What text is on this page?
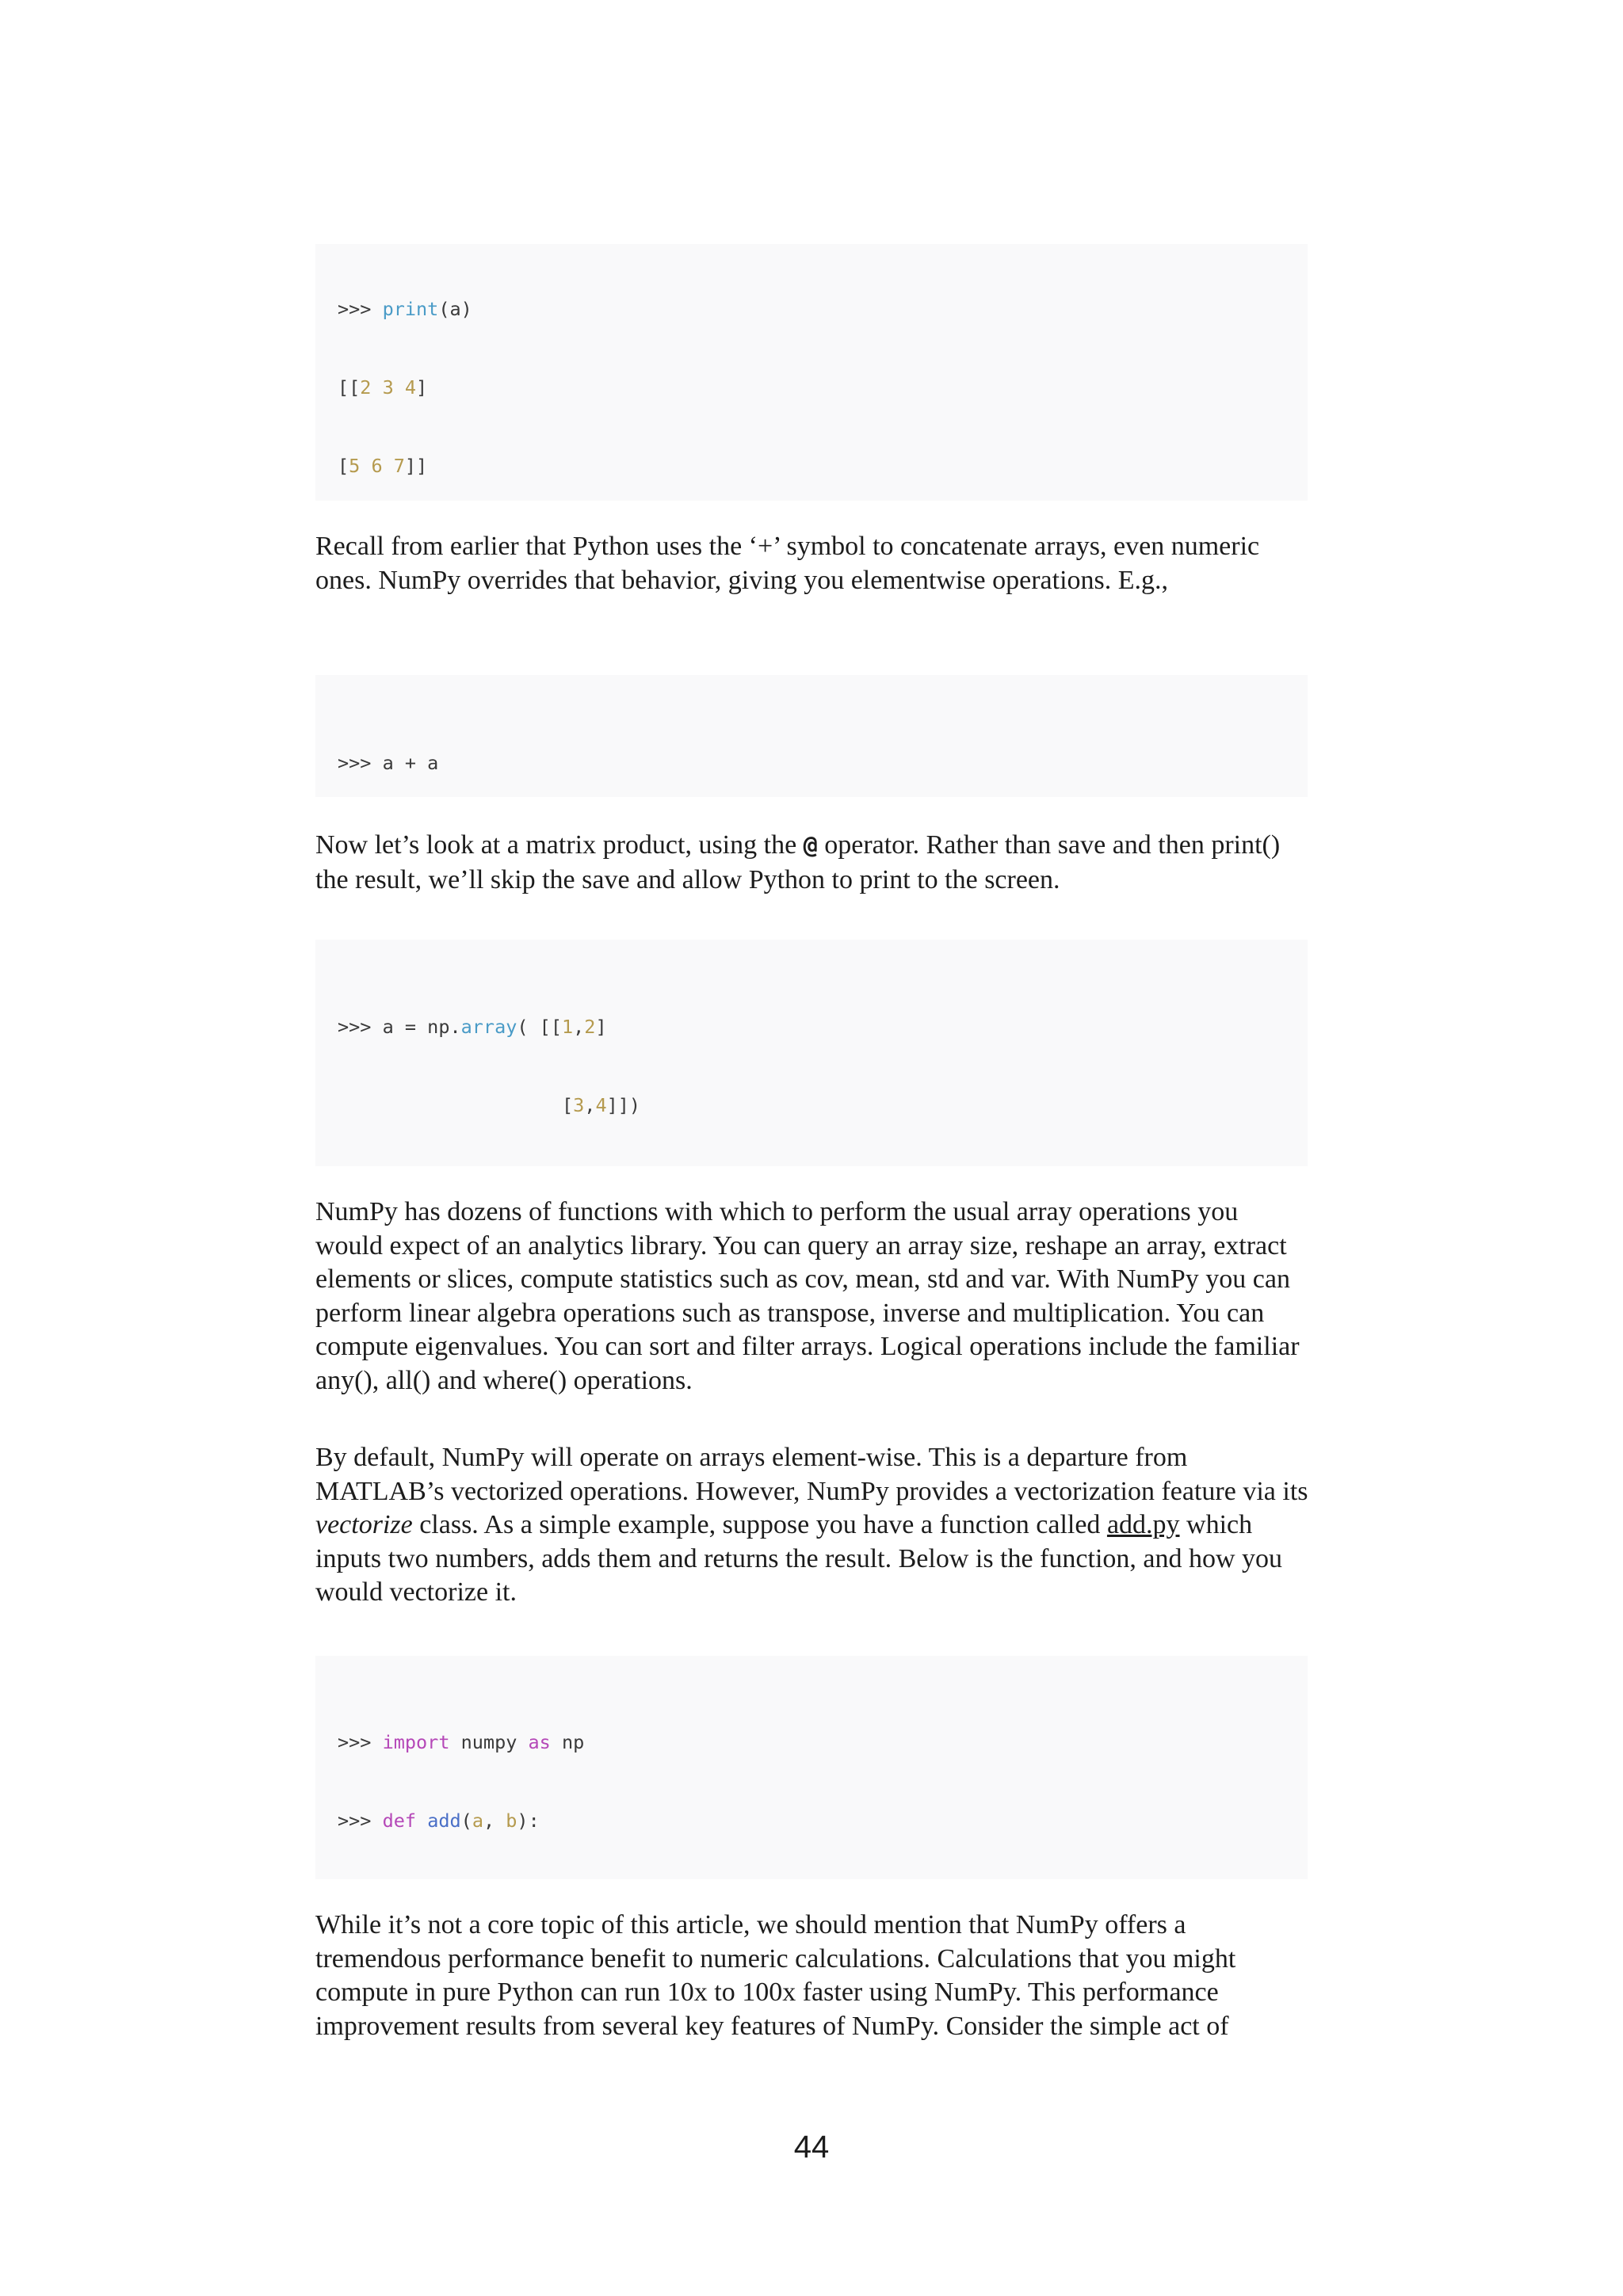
>>> print(a)

[[2 3 4]

[5 6 7]]

Recall from earlier that Python uses the ‘+’ symbol to concatenate arrays, even numeric ones. NumPy overrides that behavior, giving you elementwise operations. E.g.,

>>> a + a

Now let’s look at a matrix product, using the @ operator. Rather than save and then print() the result, we’ll skip the save and allow Python to print to the screen.

>>> a = np.array( [[1,2]

[3,4]])

NumPy has dozens of functions with which to perform the usual array operations you would expect of an analytics library. You can query an array size, reshape an array, extract elements or slices, compute statistics such as cov, mean, std and var. With NumPy you can perform linear algebra operations such as transpose, inverse and multiplication. You can compute eigenvalues. You can sort and filter arrays. Logical operations include the familiar any(), all() and where() operations.

By default, NumPy will operate on arrays element-wise. This is a departure from MATLAB’s vectorized operations. However, NumPy provides a vectorization feature via its vectorize class. As a simple example, suppose you have a function called add.py which inputs two numbers, adds them and returns the result. Below is the function, and how you would vectorize it.

>>> import numpy as np

>>> def add(a, b):

While it’s not a core topic of this article, we should mention that NumPy offers a tremendous performance benefit to numeric calculations. Calculations that you might compute in pure Python can run 10x to 100x faster using NumPy. This performance improvement results from several key features of NumPy. Consider the simple act of

44
